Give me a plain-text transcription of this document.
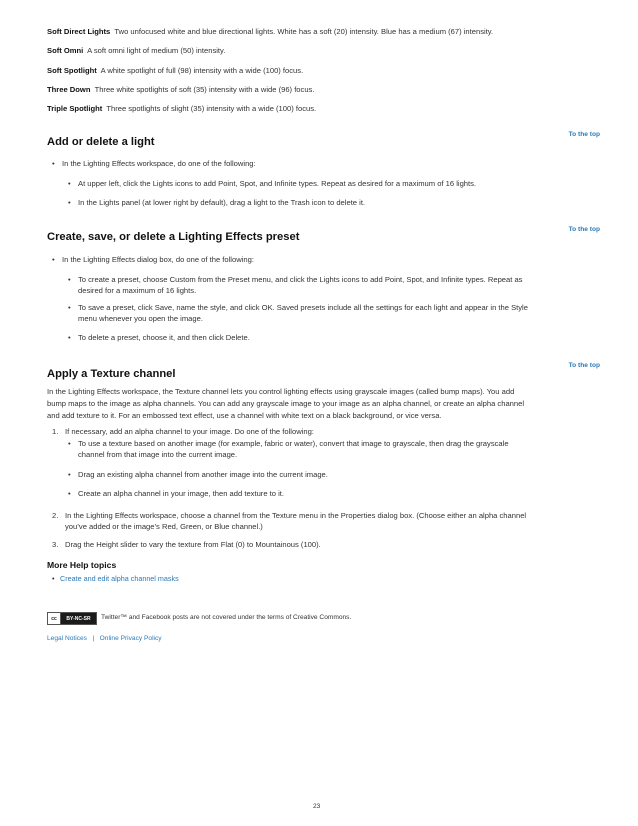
Soft Direct Lights Two unfocused white and blue directional lights. White has a soft (20) intensity. Blue has a medium (67) intensity.
Soft Omni A soft omni light of medium (50) intensity.
Soft Spotlight A white spotlight of full (98) intensity with a wide (100) focus.
Three Down Three white spotlights of soft (35) intensity with a wide (96) focus.
Triple Spotlight Three spotlights of slight (35) intensity with a wide (100) focus.
To the top
Add or delete a light
• In the Lighting Effects workspace, do one of the following:
• At upper left, click the Lights icons to add Point, Spot, and Infinite types. Repeat as desired for a maximum of 16 lights.
• In the Lights panel (at lower right by default), drag a light to the Trash icon to delete it.
To the top
Create, save, or delete a Lighting Effects preset
• In the Lighting Effects dialog box, do one of the following:
• To create a preset, choose Custom from the Preset menu, and click the Lights icons to add Point, Spot, and Infinite types. Repeat as
desired for a maximum of 16 lights.
• To save a preset, click Save, name the style, and click OK. Saved presets include all the settings for each light and appear in the Style
menu whenever you open the image.
• To delete a preset, choose it, and then click Delete.
To the top
Apply a Texture channel
In the Lighting Effects workspace, the Texture channel lets you control lighting effects using grayscale images (called bump maps). You add
bump maps to the image as alpha channels. You can add any grayscale image to your image as an alpha channel, or create an alpha channel
and add texture to it. For an embossed text effect, use a channel with white text on a black background, or vice versa.
1. If necessary, add an alpha channel to your image. Do one of the following:
• To use a texture based on another image (for example, fabric or water), convert that image to grayscale, then drag the grayscale
channel from that image into the current image.
• Drag an existing alpha channel from another image into the current image.
• Create an alpha channel in your image, then add texture to it.
2. In the Lighting Effects workspace, choose a channel from the Texture menu in the Properties dialog box. (Choose either an alpha channel
you’ve added or the image’s Red, Green, or Blue channel.)
3. Drag the Height slider to vary the texture from Flat (0) to Mountainous (100).
More Help topics
• Create and edit alpha channel masks
cc	BY-NC-SR	Twitter™ and Facebook posts are not covered under the terms of Creative Commons.
Legal Notices | Online Privacy Policy
23
